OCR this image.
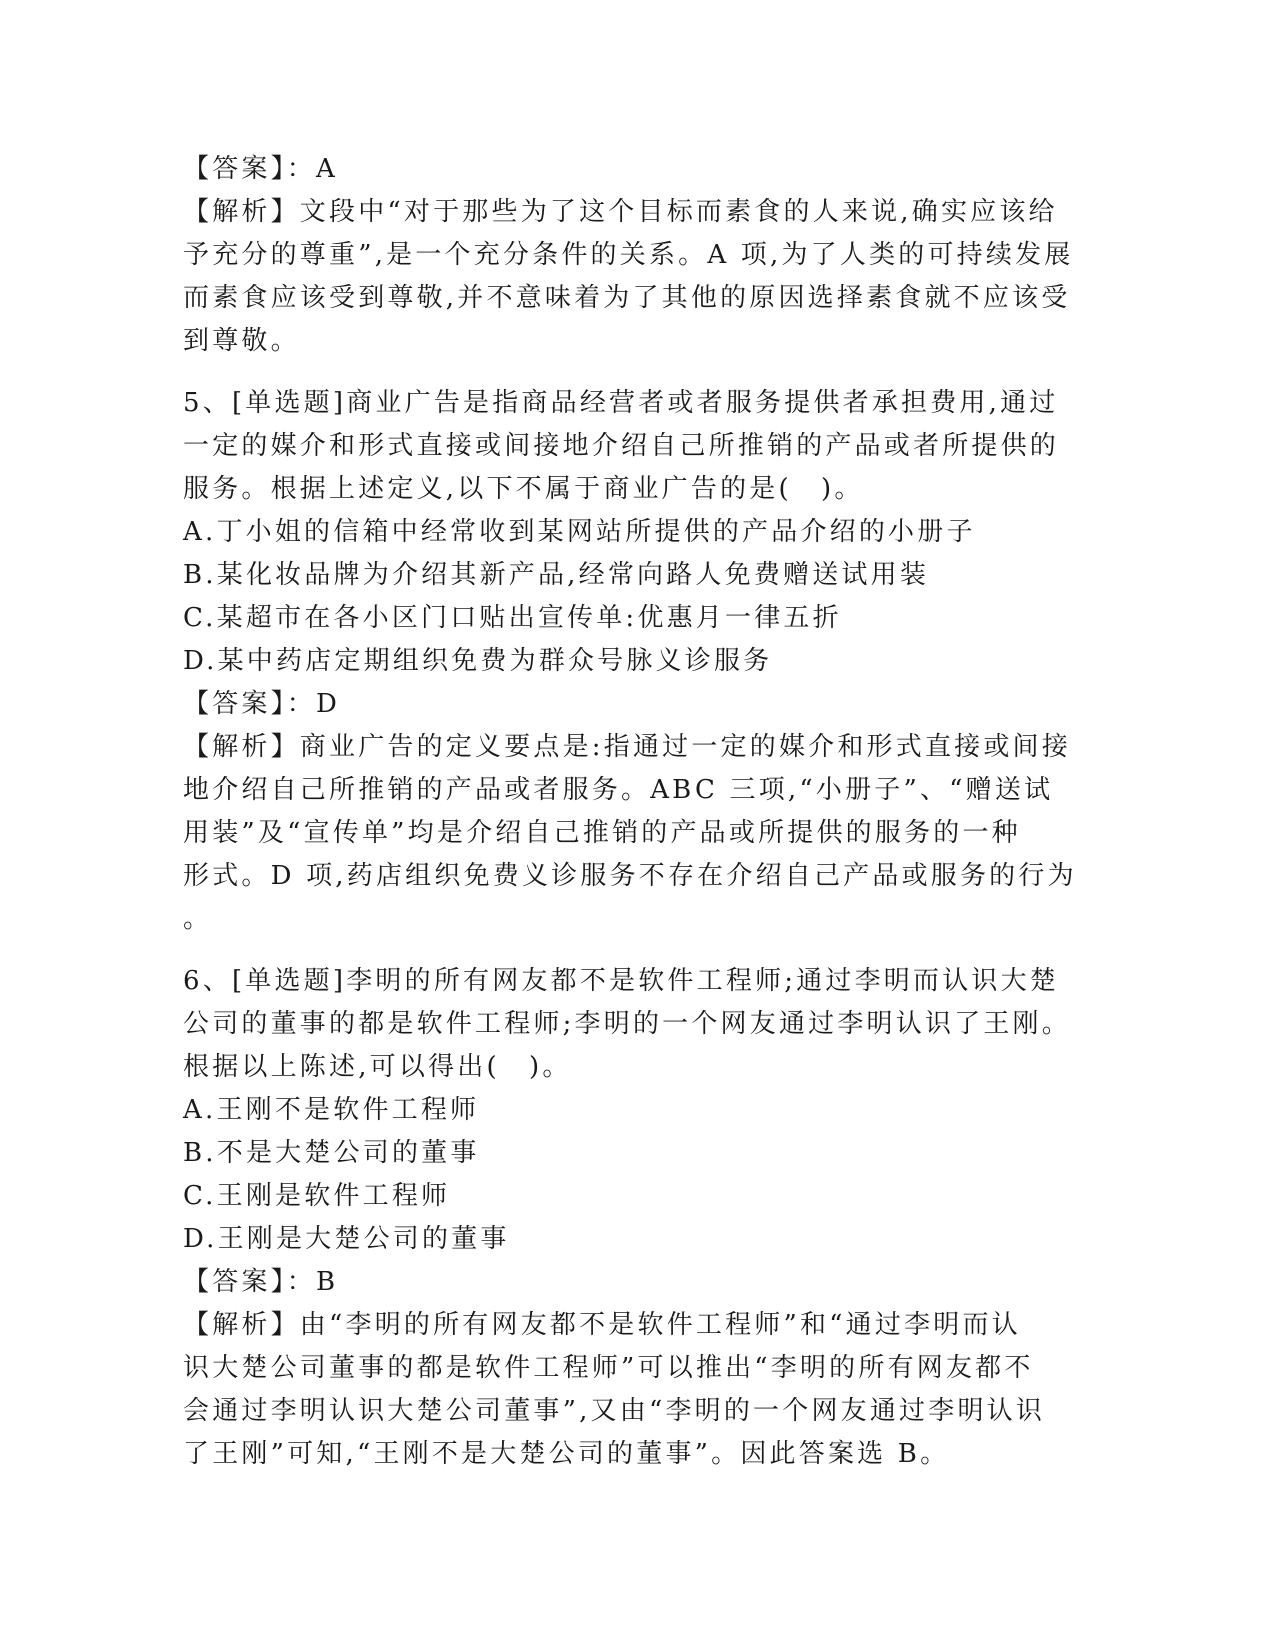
【答案】：A
【解析】文段中“对于那些为了这个目标而素食的人来说,确实应该给
予充分的尊重”,是一个充分条件的关系。A 项,为了人类的可持续发展
而素食应该受到尊敬,并不意味着为了其他的原因选择素食就不应该受
到尊敬。
5、[单选题]商业广告是指商品经营者或者服务提供者承担费用,通过
一定的媒介和形式直接或间接地介绍自己所推销的产品或者所提供的
服务。根据上述定义,以下不属于商业广告的是(　)。
A.丁小姐的信箱中经常收到某网站所提供的产品介绍的小册子
B.某化妆品牌为介绍其新产品,经常向路人免费赠送试用装
C.某超市在各小区门口贴出宣传单:优惠月一律五折
D.某中药店定期组织免费为群众号脉义诊服务
【答案】：D
【解析】商业广告的定义要点是:指通过一定的媒介和形式直接或间接
地介绍自己所推销的产品或者服务。ABC 三项,“小册子”、“赠送试
用装”及“宣传单”均是介绍自己推销的产品或所提供的服务的一种
形式。D 项,药店组织免费义诊服务不存在介绍自己产品或服务的行为
。
6、[单选题]李明的所有网友都不是软件工程师;通过李明而认识大楚
公司的董事的都是软件工程师;李明的一个网友通过李明认识了王刚。
根据以上陈述,可以得出(　)。
A.王刚不是软件工程师
B.不是大楚公司的董事
C.王刚是软件工程师
D.王刚是大楚公司的董事
【答案】：B
【解析】由“李明的所有网友都不是软件工程师”和“通过李明而认
识大楚公司董事的都是软件工程师”可以推出“李明的所有网友都不
会通过李明认识大楚公司董事”,又由“李明的一个网友通过李明认识
了王刚”可知,“王刚不是大楚公司的董事”。因此答案选 B。
